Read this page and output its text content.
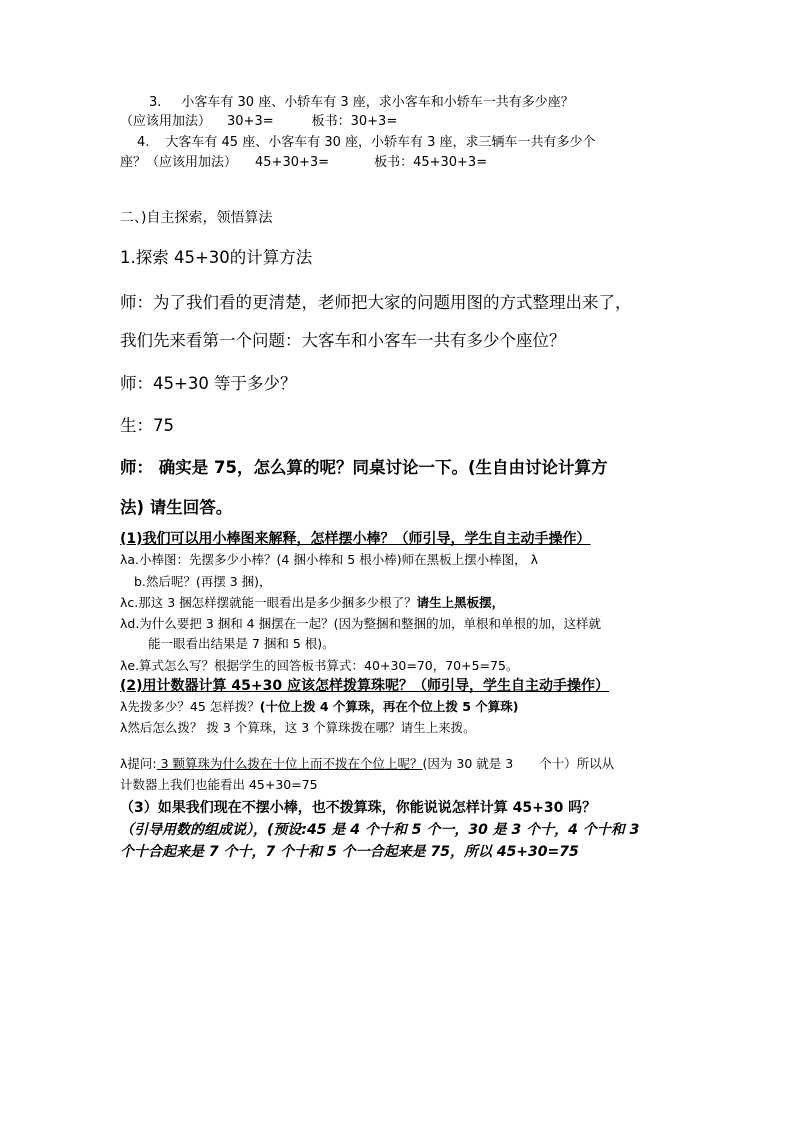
3. 小客车有 30 座、小轿车有 3 座，求小客车和小轿车一共有多少座？

（应该用加法） 30+3=	板书：30+3=

4. 大客车有 45 座、小客车有 30 座，小轿车有 3 座，求三辆车一共有多少个

座？（应该用加法） 45+30+3=	板书：45+30+3=

二、)自主探索，领悟算法

1.探索 45+30的计算方法

师：为了我们看的更清楚，老师把大家的问题用图的方式整理出来了，

我们先来看第一个问题：大客车和小客车一共有多少个座位？

师：45+30 等于多少？

生：75

师： 确实是 75，怎么算的呢？同桌讨论一下。(生自由讨论计算方

法) 请生回答。

(1)我们可以用小棒图来解释，怎样摆小棒？（师引导，学生自主动手操作）

λa.小棒图：先摆多少小棒？(4 捆小棒和 5 根小棒)师在黑板上摆小棒图， λ

b.然后呢？(再摆 3 捆)，

λc.那这 3 捆怎样摆就能一眼看出是多少捆多少根了？请生上黑板摆，

λd.为什么要把 3 捆和 4 捆摆在一起？(因为整捆和整捆的加，单根和单根的加，这样就

能一眼看出结果是 7 捆和 5 根)。

λe.算式怎么写？根据学生的回答板书算式：40+30=70，70+5=75。

(2)用计数器计算 45+30 应该怎样拨算珠呢？（师引导，学生自主动手操作）

λ先拨多少？45 怎样拨？(十位上拨 4 个算珠，再在个位上拨 5 个算珠)

λ然后怎么拨？ 拨 3 个算珠，这 3 个算珠拨在哪？请生上来拨。

λ提问: 3 颗算珠为什么拨在十位上而不拨在个位上呢？(因为 30 就是 3 个十）所以从

计数器上我们也能看出 45+30=75

（3）如果我们现在不摆小棒，也不拨算珠，你能说说怎样计算 45+30 吗？

（引导用数的组成说），(预设:45 是 4 个十和 5 个一，30 是 3 个十，4 个十和 3

个十合起来是 7 个十，7 个十和 5 个一合起来是 75，所以 45+30=75
